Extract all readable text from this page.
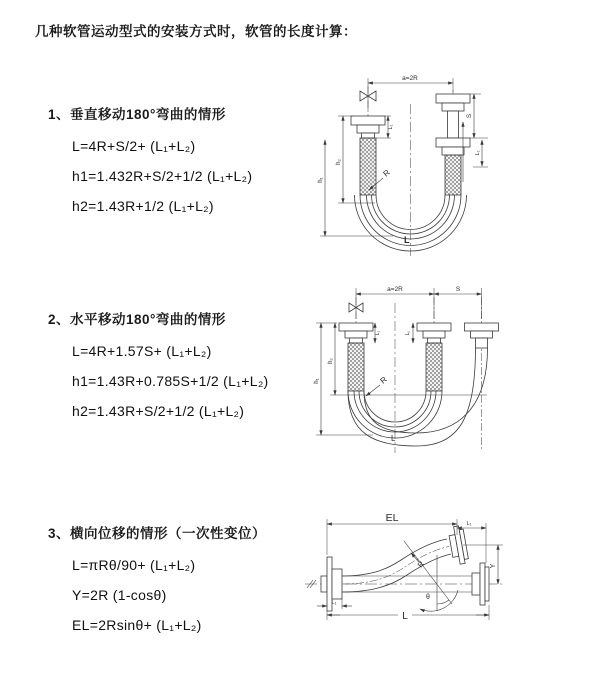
几种软管运动型式的安装方式时，软管的长度计算：
1、垂直移动180°弯曲的情形
L=4R+S/2+ (L₁+L₂)
h1=1.432R+S/2+1/2 (L₁+L₂)
h2=1.43R+1/2 (L₁+L₂)
2、水平移动180°弯曲的情形
L=4R+1.57S+ (L₁+L₂)
h1=1.43R+0.785S+1/2 (L₁+L₂)
h2=1.43R+S/2+1/2 (L₁+L₂)
3、横向位移的情形（一次性变位）
L=πRθ/90+ (L₁+L₂)
Y=2R (1-cosθ)
EL=2Rsinθ+ (L₁+L₂)
a=2R
S
L₁
L₁
h₂
h₁
R
L
a=2R	S
L₁	L₁
h₂
h₁	R
L
EL	L₁
Y
R
θ
L
L₁
